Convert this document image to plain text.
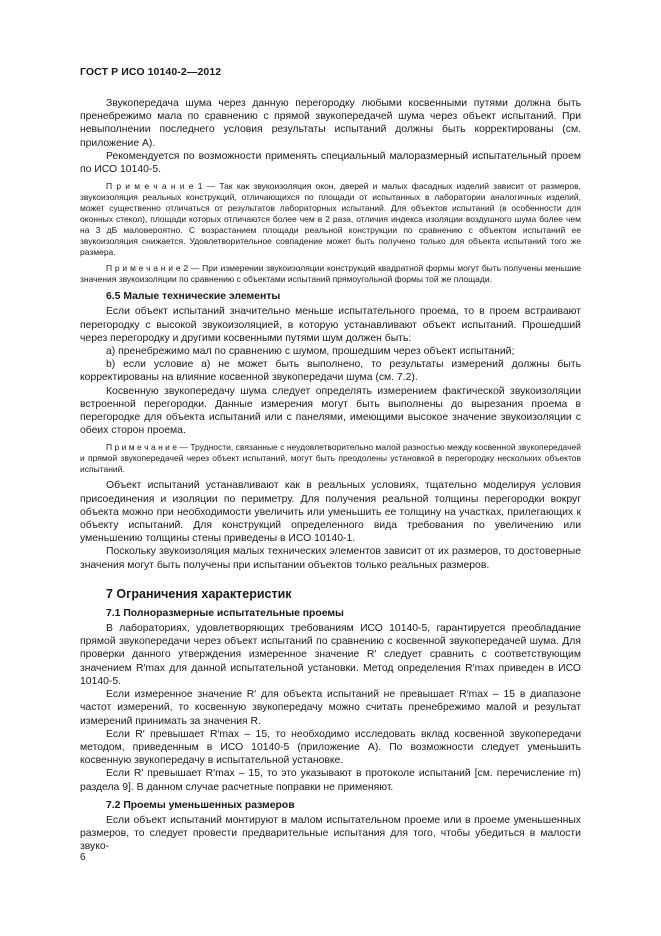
ГОСТ Р ИСО 10140-2—2012

Звукопередача шума через данную перегородку любыми косвенными путями должна быть пренебрежимо мала по сравнению с прямой звукопередачей шума через объект испытаний. При невыполнении последнего условия результаты испытаний должны быть корректированы (см. приложение А).

Рекомендуется по возможности применять специальный малоразмерный испытательный проем по ИСО 10140-5.

П р и м е ч а н и е 1 — Так как звукоизоляция окон, дверей и малых фасадных изделий зависит от размеров, звукоизоляция реальных конструкций, отличающихся по площади от испытанных в лаборатории аналогичных изделий, может существенно отличаться от результатов лабораторных испытаний. Для объектов испытаний (в особенности для оконных стекол), площади которых отличаются более чем в 2 раза, отличия индекса изоляции воздушного шума более чем на 3 дБ маловероятно. С возрастанием площади реальной конструкции по сравнению с объектом испытаний ее звукоизоляция снижается. Удовлетворительное совпадение может быть получено только для объекта испытаний того же размера.

П р и м е ч а н и е 2 — При измерении звукоизоляции конструкций квадратной формы могут быть получены меньшие значения звукоизоляции по сравнению с объектами испытаний прямоугольной формы той же площади.

6.5 Малые технические элементы

Если объект испытаний значительно меньше испытательного проема, то в проем встраивают перегородку с высокой звукоизоляцией, в которую устанавливают объект испытаний. Прошедший через перегородку и другими косвенными путями шум должен быть:

a) пренебрежимо мал по сравнению с шумом, прошедшим через объект испытаний;

b) если условие а) не может быть выполнено, то результаты измерений должны быть корректированы на влияние косвенной звукопередачи шума (см. 7.2).

Косвенную звукопередачу шума следует определять измерением фактической звукоизоляции встроенной перегородки. Данные измерения могут быть выполнены до вырезания проема в перегородке для объекта испытаний или с панелями, имеющими высокое значение звукоизоляции с обеих сторон проема.

П р и м е ч а н и е — Трудности, связанные с неудовлетворительно малой разностью между косвенной звукопередачей и прямой звукопередачей через объект испытаний, могут быть преодолены установкой в перегородку нескольких объектов испытаний.

Объект испытаний устанавливают как в реальных условиях, тщательно моделируя условия присоединения и изоляции по периметру. Для получения реальной толщины перегородки вокруг объекта можно при необходимости увеличить или уменьшить ее толщину на участках, прилегающих к объекту испытаний. Для конструкций определенного вида требования по увеличению или уменьшению толщины стены приведены в ИСО 10140-1.

Поскольку звукоизоляция малых технических элементов зависит от их размеров, то достоверные значения могут быть получены при испытании объектов только реальных размеров.

7 Ограничения характеристик
7.1 Полноразмерные испытательные проемы

В лабораториях, удовлетворяющих требованиям ИСО 10140-5, гарантируется преобладание прямой звукопередачи через объект испытаний по сравнению с косвенной звукопередачей шума. Для проверки данного утверждения измеренное значение R′ следует сравнить с соответствующим значением R′max для данной испытательной установки. Метод определения R′max приведен в ИСО 10140-5.

Если измеренное значение R′ для объекта испытаний не превышает R′max – 15 в диапазоне частот измерений, то косвенную звукопередачу можно считать пренебрежимо малой и результат измерений принимать за значения R.

Если R′ превышает R′max – 15, то необходимо исследовать вклад косвенной звукопередачи методом, приведенным в ИСО 10140-5 (приложение А). По возможности следует уменьшить косвенную звукопередачу в испытательной установке.

Если R′ превышает R′max – 15, то это указывают в протоколе испытаний [см. перечисление m) раздела 9]. В данном случае расчетные поправки не применяют.

7.2 Проемы уменьшенных размеров

Если объект испытаний монтируют в малом испытательном проеме или в проеме уменьшенных размеров, то следует провести предварительные испытания для того, чтобы убедиться в малости звуко-

6
